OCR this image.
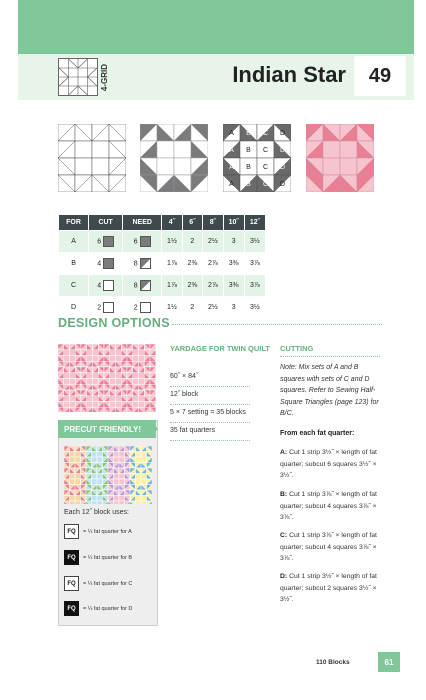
4-GRID	Indian Star	49
A B C D
A B C D
A B C D
A B C D
FOR	CUT	NEED	4˝	6˝	8˝	10˝	12˝
A	6	6	1½	2	2½	3	3½
B	4	8	1⅞	2⅜	2⅞	3⅜	3⅞
C	4	8	1⅞	2⅜	2⅞	3⅜	3⅞
D	2	2	1½	2	2½	3	3½
DESIGN OPTIONS
YARDAGE FOR TWIN QUILT
60˝ × 84˝
12˝ block
5 × 7 setting = 35 blocks
35 fat quarters
PRECUT FRIENDLY!
Each 12˝ block uses:
FQ	= ¼ fat quarter for A
FQ	= ¼ fat quarter for B
FQ	= ¼ fat quarter for C
FQ	= ¼ fat quarter for D
CUTTING
Note: Mix sets of A and B squares with sets of C and D squares. Refer to Sewing Half-Square Triangles (page 123) for B/C.
From each fat quarter:
A: Cut 1 strip 3½˝ × length of fat quarter; subcut 6 squares 3½˝ × 3½˝.
B: Cut 1 strip 3⅞˝ × length of fat quarter; subcut 4 squares 3⅞˝ × 3⅞˝.
C: Cut 1 strip 3⅞˝ × length of fat quarter; subcut 4 squares 3⅞˝ × 3⅞˝.
D: Cut 1 strip 3½˝ × length of fat quarter; subcut 2 squares 3½˝ × 3½˝.
110 Blocks	61
